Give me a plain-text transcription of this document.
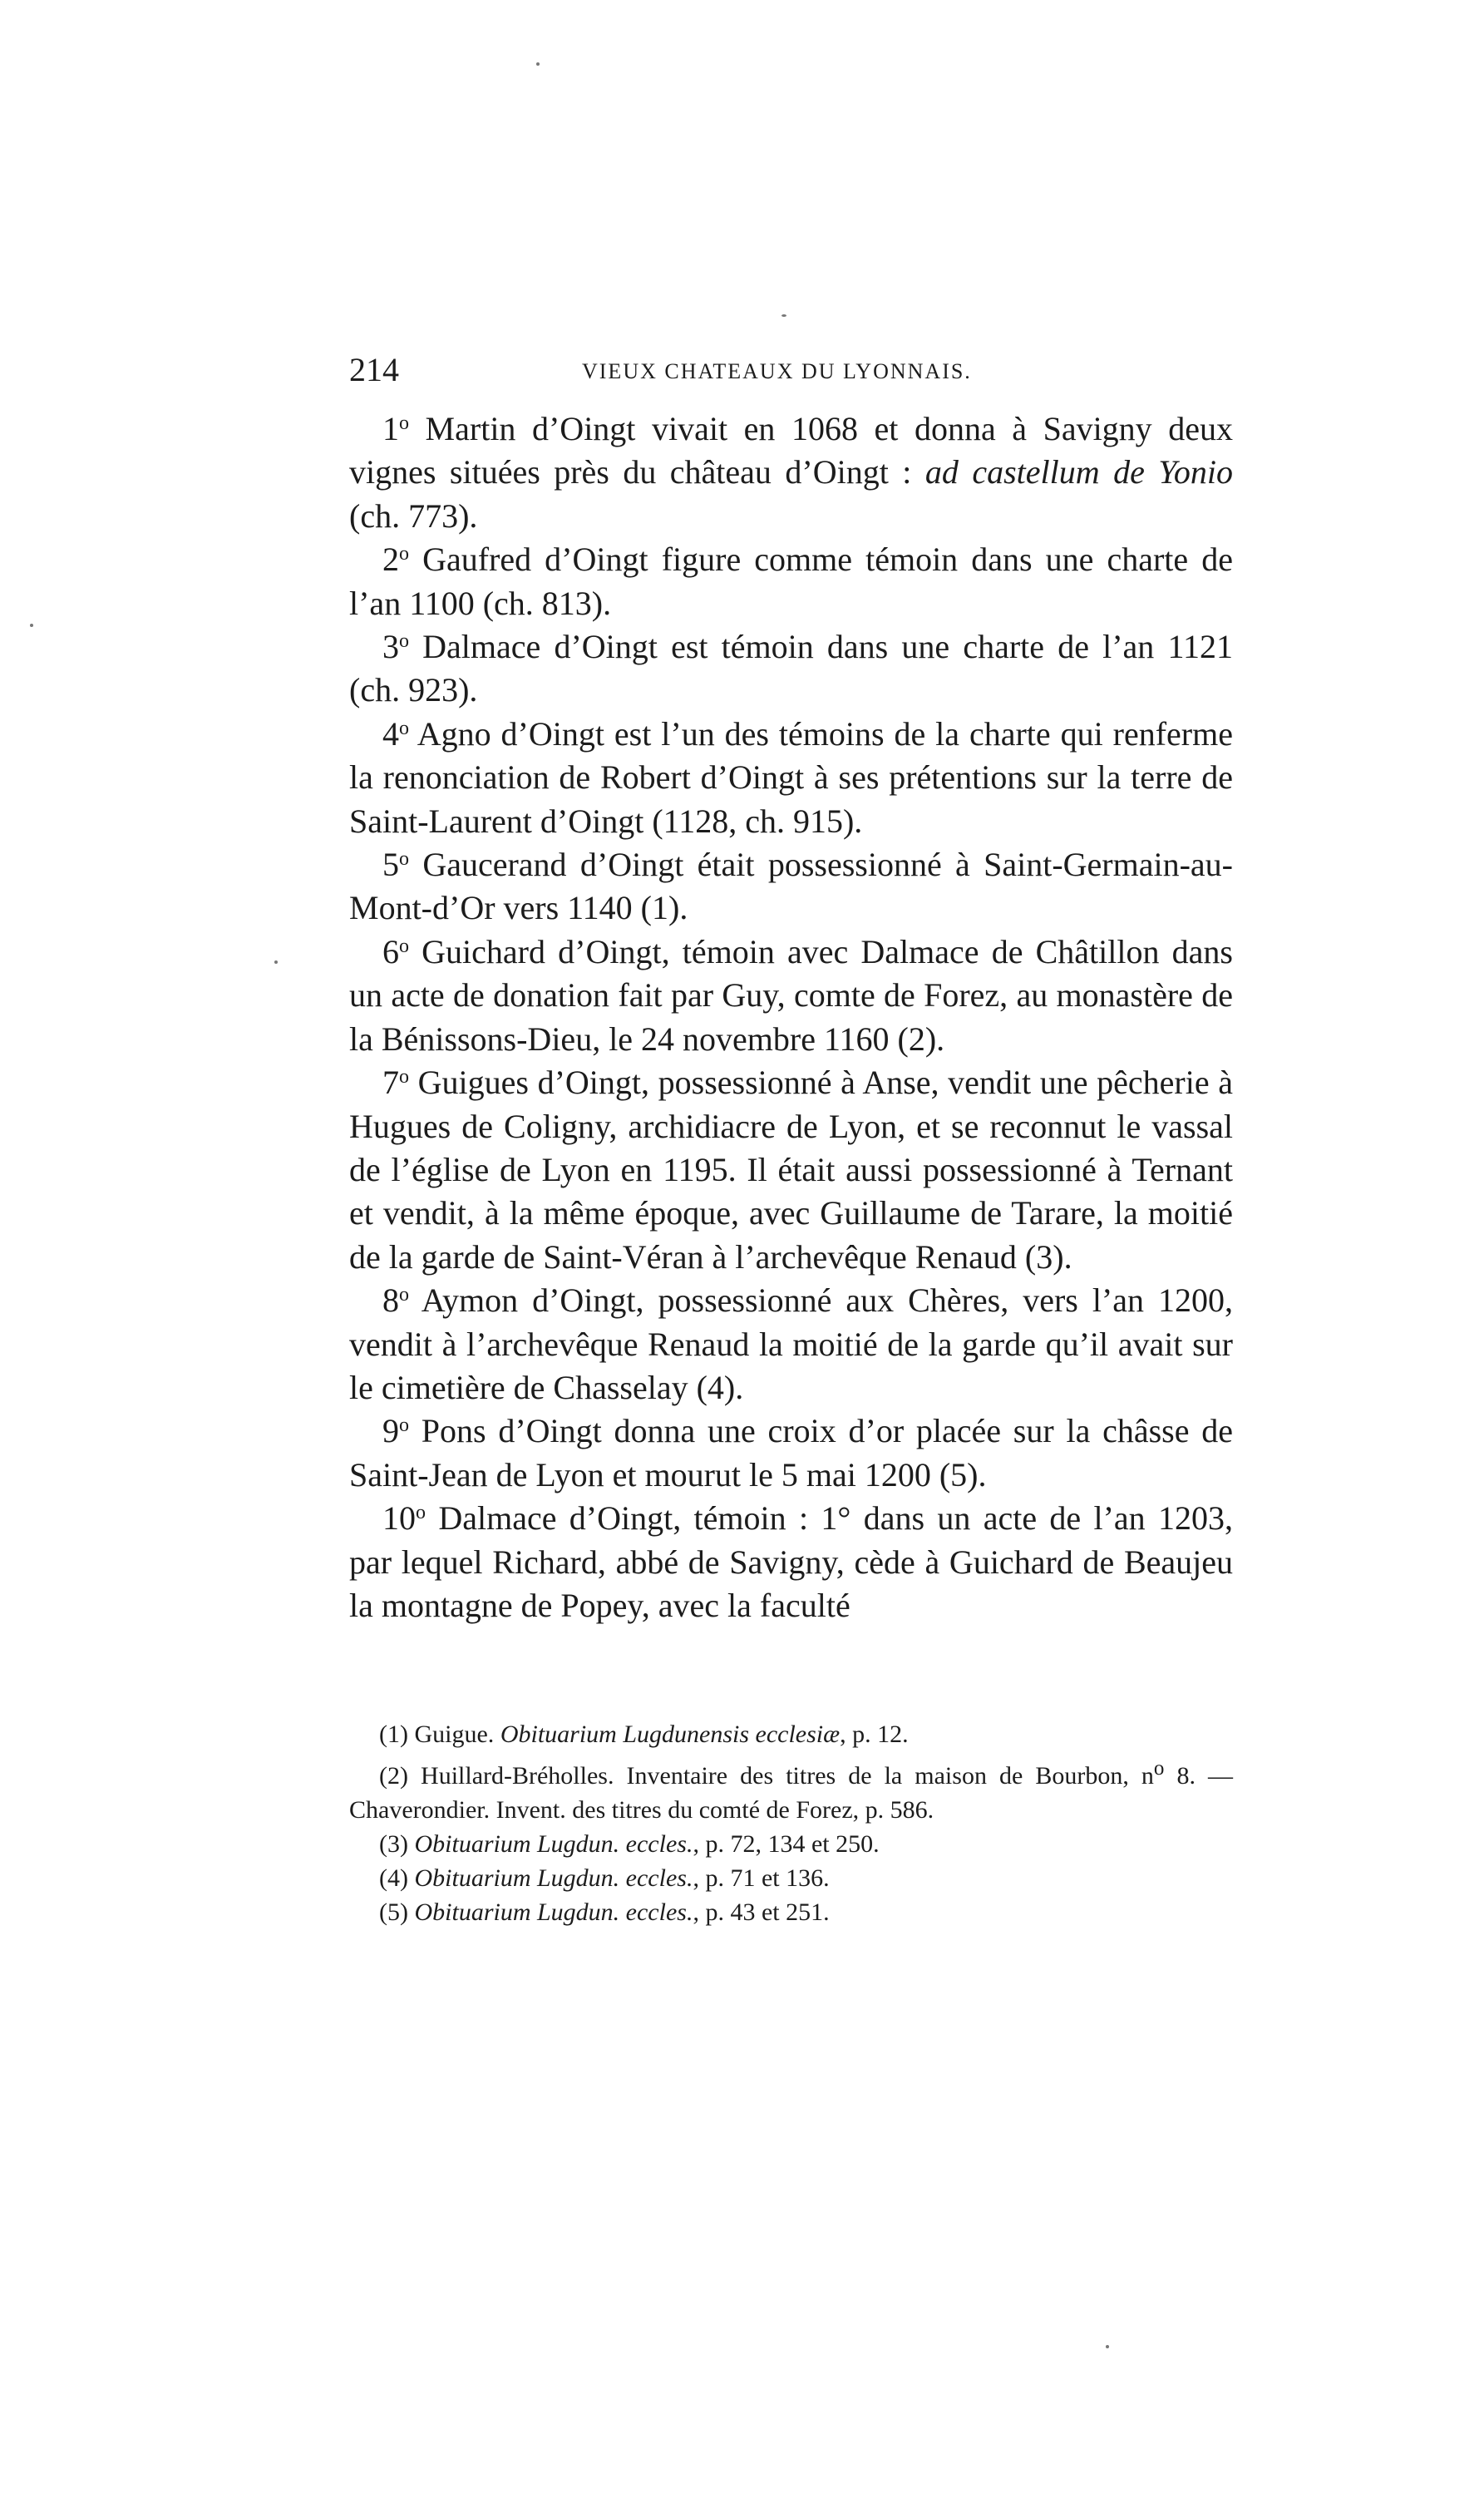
214	VIEUX CHATEAUX DU LYONNAIS.

1$^o$ Martin d’Oingt vivait en 1068 et donna à Savigny deux vignes situées près du château d’Oingt : ad castellum de Yonio (ch. 773).

2$^o$ Gaufred d’Oingt figure comme témoin dans une charte de l’an 1100 (ch. 813).

3$^o$ Dalmace d’Oingt est témoin dans une charte de l’an 1121 (ch. 923).

4$^o$ Agno d’Oingt est l’un des témoins de la charte qui renferme la renonciation de Robert d’Oingt à ses prétentions sur la terre de Saint-Laurent d’Oingt (1128, ch. 915).

5$^o$ Gaucerand d’Oingt était possessionné à Saint-Germain-au-Mont-d’Or vers 1140 (1).

6$^o$ Guichard d’Oingt, témoin avec Dalmace de Châtillon dans un acte de donation fait par Guy, comte de Forez, au monastère de la Bénissons-Dieu, le 24 novembre 1160 (2).

7$^o$ Guigues d’Oingt, possessionné à Anse, vendit une pêcherie à Hugues de Coligny, archidiacre de Lyon, et se reconnut le vassal de l’église de Lyon en 1195. Il était aussi possessionné à Ternant et vendit, à la même époque, avec Guillaume de Tarare, la moitié de la garde de Saint-Véran à l’archevêque Renaud (3).

8$^o$ Aymon d’Oingt, possessionné aux Chères, vers l’an 1200, vendit à l’archevêque Renaud la moitié de la garde qu’il avait sur le cimetière de Chasselay (4).

9$^o$ Pons d’Oingt donna une croix d’or placée sur la châsse de Saint-Jean de Lyon et mourut le 5 mai 1200 (5).

10$^o$ Dalmace d’Oingt, témoin : 1° dans un acte de l’an 1203, par lequel Richard, abbé de Savigny, cède à Guichard de Beaujeu la montagne de Popey, avec la faculté

(1) Guigue. Obituarium Lugdunensis ecclesiæ, p. 12.

(2) Huillard-Bréholles. Inventaire des titres de la maison de Bourbon, $n^o$ 8. — Chaverondier. Invent. des titres du comté de Forez, p. 586.

(3) Obituarium Lugdun. eccles., p. 72, 134 et 250.

(4) Obituarium Lugdun. eccles., p. 71 et 136.

(5) Obituarium Lugdun. eccles., p. 43 et 251.
